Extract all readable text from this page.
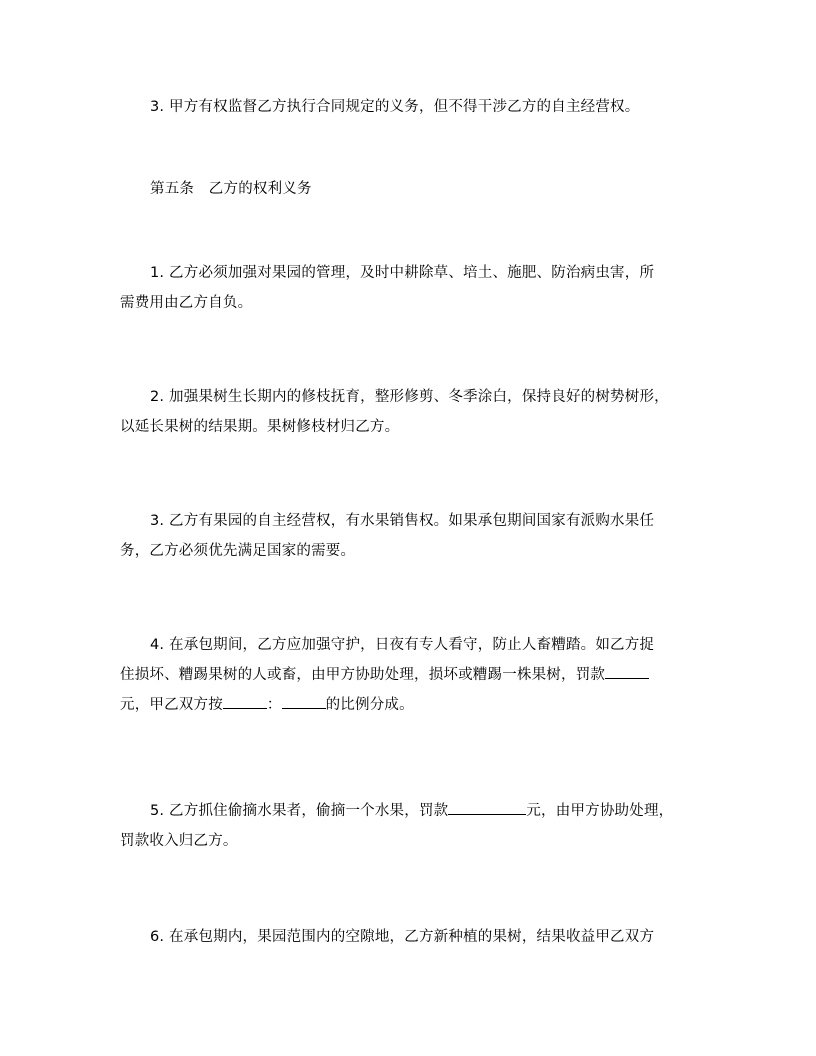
3. 甲方有权监督乙方执行合同规定的义务，但不得干涉乙方的自主经营权。

第五条　乙方的权利义务

1. 乙方必须加强对果园的管理，及时中耕除草、培土、施肥、防治病虫害，所
需费用由乙方自负。

2. 加强果树生长期内的修枝抚育，整形修剪、冬季涂白，保持良好的树势树形，
以延长果树的结果期。果树修枝材归乙方。

3. 乙方有果园的自主经营权，有水果销售权。如果承包期间国家有派购水果任
务，乙方必须优先满足国家的需要。

4. 在承包期间，乙方应加强守护，日夜有专人看守，防止人畜糟踏。如乙方捉
住损坏、糟踢果树的人或畜，由甲方协助处理，损坏或糟踢一株果树，罚款
元，甲乙双方按	：	的比例分成。

5. 乙方抓住偷摘水果者，偷摘一个水果，罚款	元，由甲方协助处理，
罚款收入归乙方。

6. 在承包期内，果园范围内的空隙地，乙方新种植的果树，结果收益甲乙双方
